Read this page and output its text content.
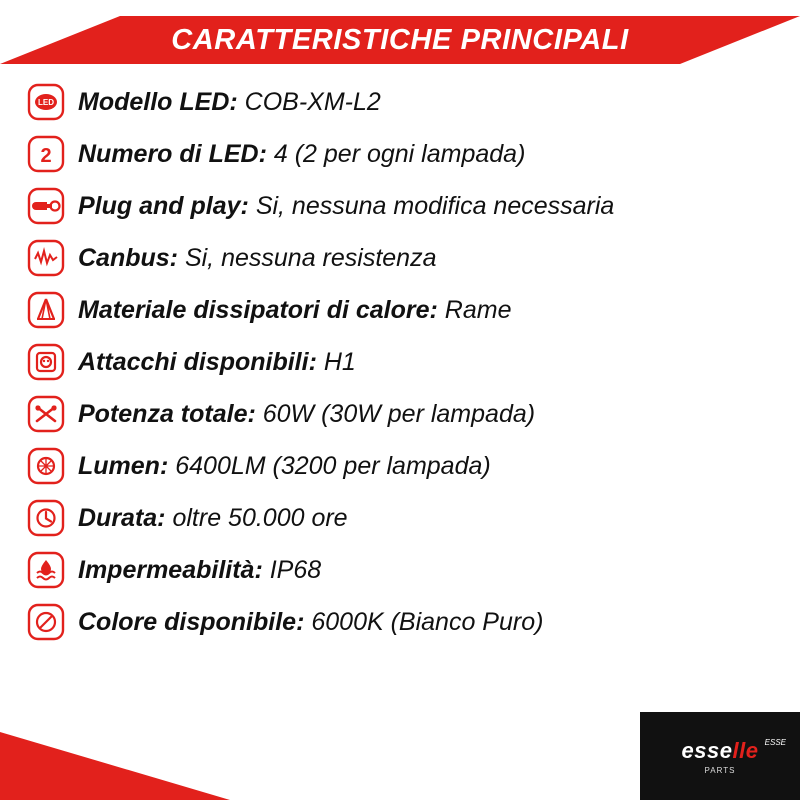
CARATTERISTICHE PRINCIPALI
LED Modello LED: COB-XM-L2
2 Numero di LED: 4 (2 per ogni lampada)
Plug and play: Si, nessuna modifica necessaria
Canbus: Si, nessuna resistenza
Materiale dissipatori di calore: Rame
Attacchi disponibili: H1
Potenza totale: 60W (30W per lampada)
Lumen: 6400LM (3200 per lampada)
Durata: oltre 50.000 ore
Impermeabilità: IP68
Colore disponibile: 6000K (Bianco Puro)
esselle
PARTS
ESSE
